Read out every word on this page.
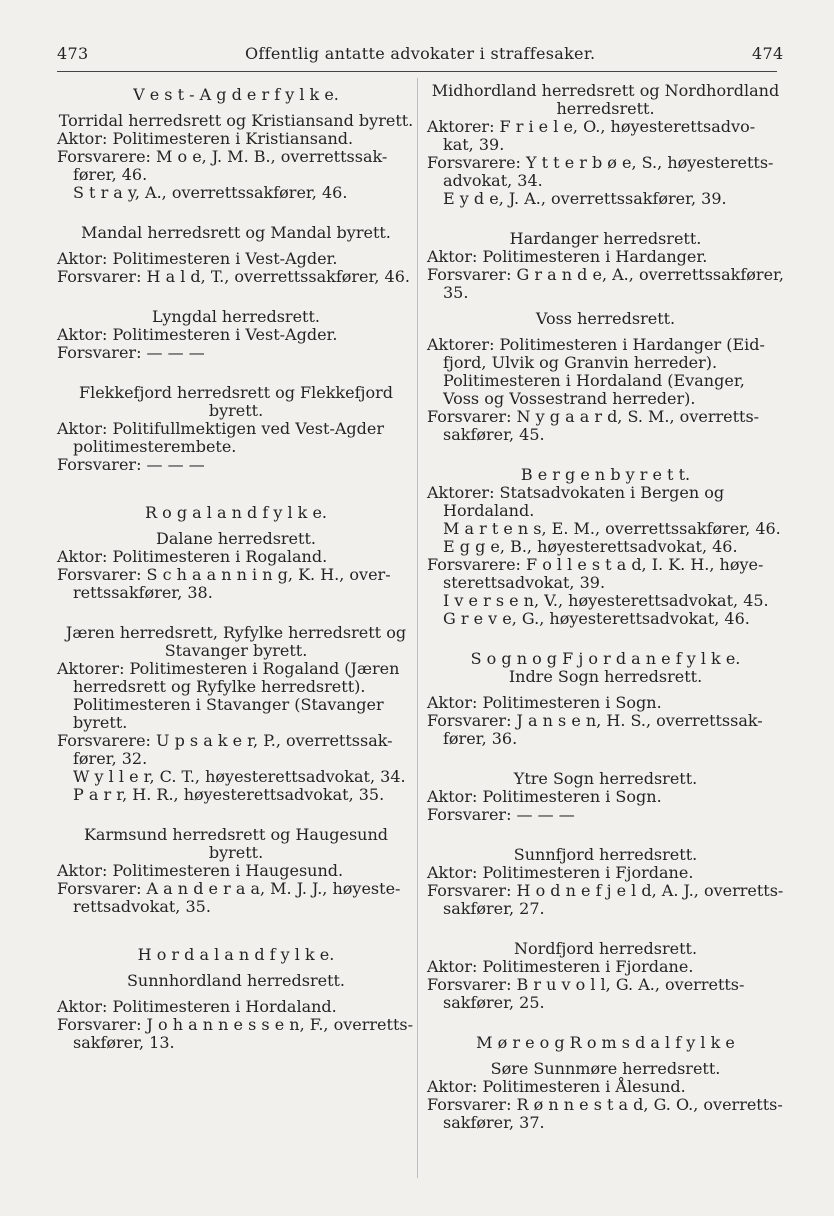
473	Offentlig antatte advokater i straffesaker.	474
V e s t - A g d e r f y l k e.
Torridal herredsrett og Kristiansand byrett.
Aktor: Politimesteren i Kristiansand.
Forsvarere: M o e, J. M. B., overrettssak-
fører, 46.
S t r a y, A., overrettssakfører, 46.
Mandal herredsrett og Mandal byrett.
Aktor: Politimesteren i Vest-Agder.
Forsvarer: H a l d, T., overrettssakfører, 46.
Lyngdal herredsrett.
Aktor: Politimesteren i Vest-Agder.
Forsvarer: — — —
Flekkefjord herredsrett og Flekkefjord byrett.
Aktor: Politifullmektigen ved Vest-Agder
politimesterembete.
Forsvarer: — — —
R o g a l a n d f y l k e.
Dalane herredsrett.
Aktor: Politimesteren i Rogaland.
Forsvarer: S c h a a n n i n g, K. H., over-
rettssakfører, 38.
Jæren herredsrett, Ryfylke herredsrett og Stavanger byrett.
Aktorer: Politimesteren i Rogaland (Jæren
herredsrett og Ryfylke herredsrett).
Politimesteren i Stavanger (Stavanger
byrett.
Forsvarere: U p s a k e r, P., overrettssak-
fører, 32.
W y l l e r, C. T., høyesterettsadvokat, 34.
P a r r, H. R., høyesterettsadvokat, 35.
Karmsund herredsrett og Haugesund byrett.
Aktor: Politimesteren i Haugesund.
Forsvarer: A a n d e r a a, M. J. J., høyeste-
rettsadvokat, 35.
H o r d a l a n d f y l k e.
Sunnhordland herredsrett.
Aktor: Politimesteren i Hordaland.
Forsvarer: J o h a n n e s s e n, F., overretts-
sakfører, 13.
Midhordland herredsrett og Nordhordland herredsrett.
Aktorer: F r i e l e, O., høyesterettsadvo-
kat, 39.
Forsvarere: Y t t e r b ø e, S., høyesteretts-
advokat, 34.
E y d e, J. A., overrettssakfører, 39.
Hardanger herredsrett.
Aktor: Politimesteren i Hardanger.
Forsvarer: G r a n d e, A., overrettssakfører,
35.
Voss herredsrett.
Aktorer: Politimesteren i Hardanger (Eid-
fjord, Ulvik og Granvin herreder).
Politimesteren i Hordaland (Evanger,
Voss og Vossestrand herreder).
Forsvarer: N y g a a r d, S. M., overretts-
sakfører, 45.
B e r g e n b y r e t t.
Aktorer: Statsadvokaten i Bergen og
Hordaland.
M a r t e n s, E. M., overrettssakfører, 46.
E g g e, B., høyesterettsadvokat, 46.
Forsvarere: F o l l e s t a d, I. K. H., høye-
sterettsadvokat, 39.
I v e r s e n, V., høyesterettsadvokat, 45.
G r e v e, G., høyesterettsadvokat, 46.
S o g n o g F j o r d a n e f y l k e.
Indre Sogn herredsrett.
Aktor: Politimesteren i Sogn.
Forsvarer: J a n s e n, H. S., overrettssak-
fører, 36.
Ytre Sogn herredsrett.
Aktor: Politimesteren i Sogn.
Forsvarer: — — —
Sunnfjord herredsrett.
Aktor: Politimesteren i Fjordane.
Forsvarer: H o d n e f j e l d, A. J., overretts-
sakfører, 27.
Nordfjord herredsrett.
Aktor: Politimesteren i Fjordane.
Forsvarer: B r u v o l l, G. A., overretts-
sakfører, 25.
M ø r e o g R o m s d a l f y l k e
Søre Sunnmøre herredsrett.
Aktor: Politimesteren i Ålesund.
Forsvarer: R ø n n e s t a d, G. O., overretts-
sakfører, 37.
